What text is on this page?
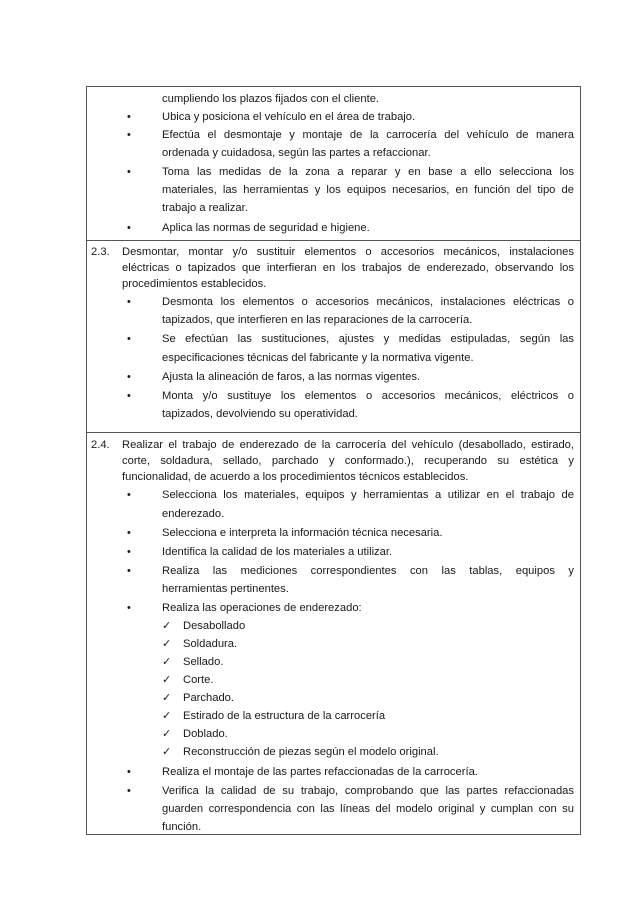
cumpliendo los plazos fijados con el cliente.
•	Ubica y posiciona el vehículo en el área de trabajo.
•	Efectúa el desmontaje y montaje de la carrocería del vehículo de manera
ordenada y cuidadosa, según las partes a refaccionar.
•	Toma las medidas de la zona a reparar y en base a ello selecciona los
materiales, las herramientas y los equipos necesarios, en función del tipo de
trabajo a realizar.
•	Aplica las normas de seguridad e higiene.
2.3. Desmontar, montar y/o sustituir elementos o accesorios mecánicos, instalaciones
eléctricas o tapizados que interfieran en los trabajos de enderezado, observando los
procedimientos establecidos.
•	Desmonta los elementos o accesorios mecánicos, instalaciones eléctricas o
tapizados, que interfieren en las reparaciones de la carrocería.
•	Se efectúan las sustituciones, ajustes y medidas estipuladas, según las
especificaciones técnicas del fabricante y la normativa vigente.
•	Ajusta la alineación de faros, a las normas vigentes.
•	Monta y/o sustituye los elementos o accesorios mecánicos, eléctricos o
tapizados, devolviendo su operatividad.
2.4. Realizar el trabajo de enderezado de la carrocería del vehículo (desabollado, estirado,
corte, soldadura, sellado, parchado y conformado.), recuperando su estética y
funcionalidad, de acuerdo a los procedimientos técnicos establecidos.
•	Selecciona los materiales, equipos y herramientas a utilizar en el trabajo de
enderezado.
•	Selecciona e interpreta la información técnica necesaria.
•	Identifica la calidad de los materiales a utilizar.
•	Realiza las mediciones correspondientes con las tablas, equipos y
herramientas pertinentes.
•	Realiza las operaciones de enderezado:
✓ Desabollado
✓ Soldadura.
✓ Sellado.
✓ Corte.
✓ Parchado.
✓ Estirado de la estructura de la carrocería
✓ Doblado.
✓ Reconstrucción de piezas según el modelo original.
•	Realiza el montaje de las partes refaccionadas de la carrocería.
•	Verifica la calidad de su trabajo, comprobando que las partes refaccionadas
guarden correspondencia con las líneas del modelo original y cumplan con su
función.
